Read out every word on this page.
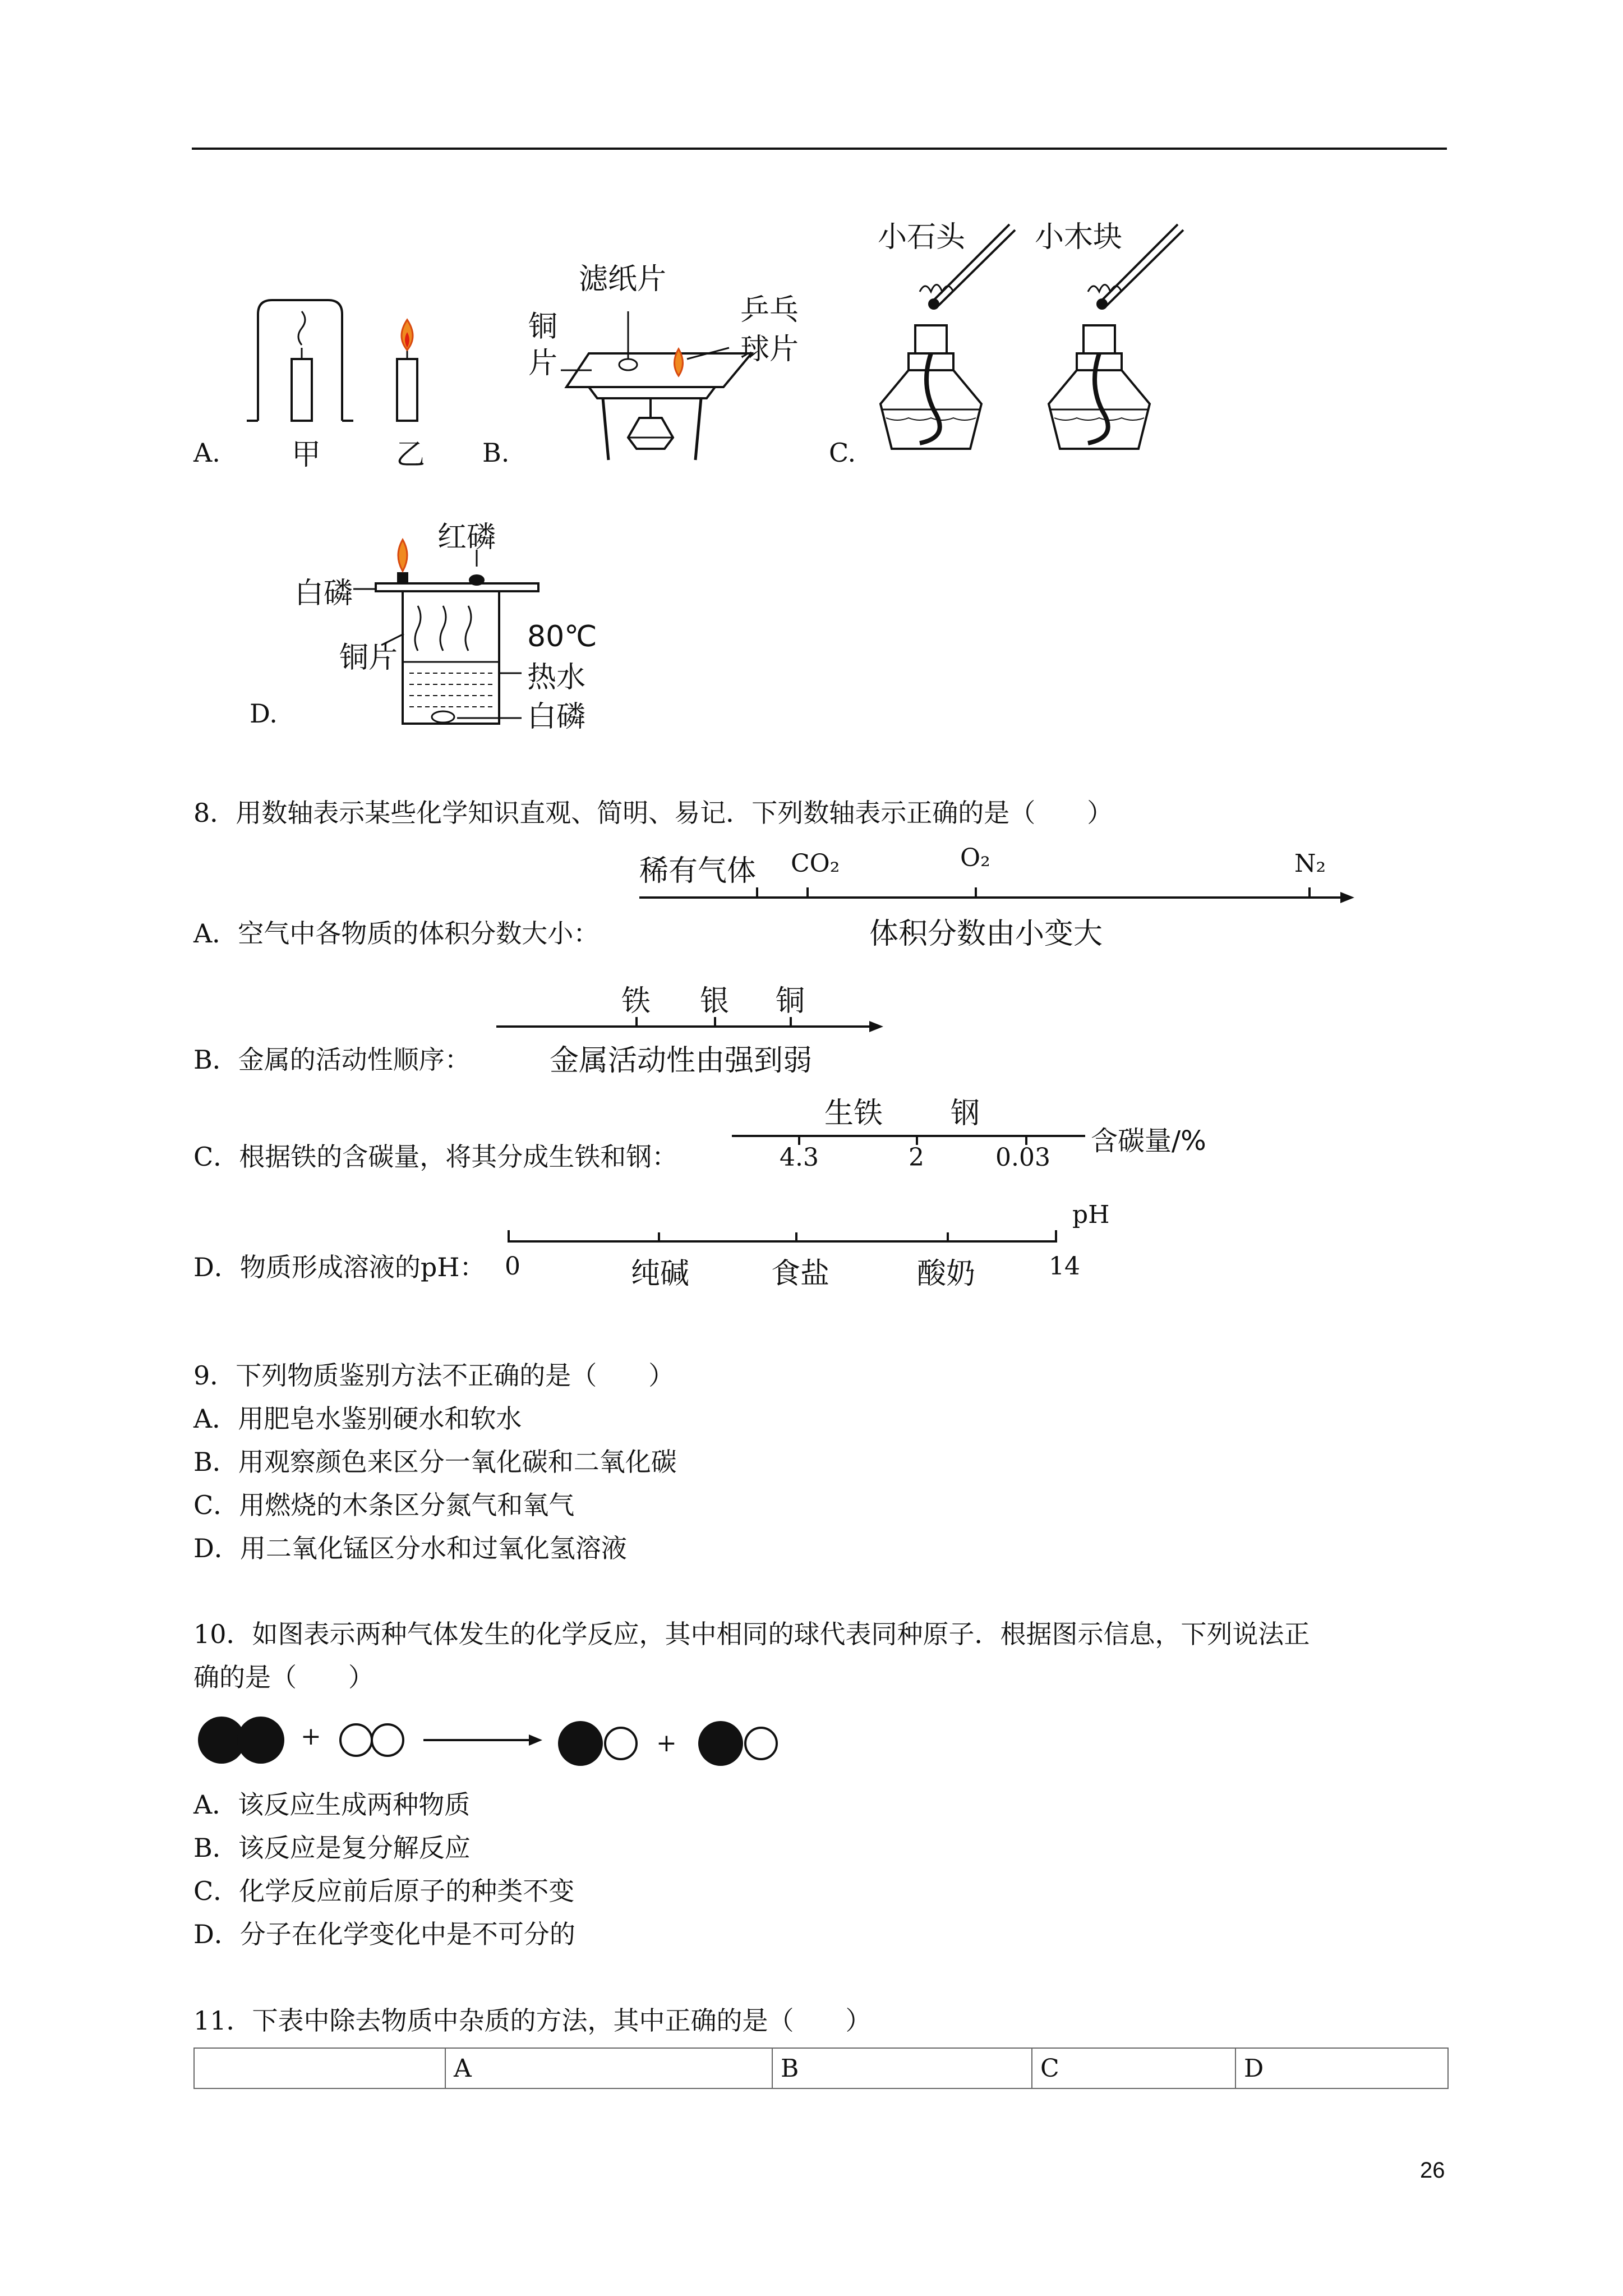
A.	B.	C.
D.
甲	乙
滤纸片
铜
片
乒乓
球片
小石头 小木块
红磷
白磷
铜片
80℃
热水
白磷
8．用数轴表示某些化学知识直观、简明、易记．下列数轴表示正确的是（　　）
A．空气中各物质的体积分数大小：
稀有气体 CO₂	O₂	N₂
体积分数由小变大
B．金属的活动性顺序：
铁 银 铜
金属活动性由强到弱
C．根据铁的含碳量，将其分成生铁和钢：
生铁 钢
4.3	2	0.03
含碳量/%
D．物质形成溶液的pH： 0	纯碱	食盐	酸奶	14
pH
9．下列物质鉴别方法不正确的是（　　）
A．用肥皂水鉴别硬水和软水
B．用观察颜色来区分一氧化碳和二氧化碳
C．用燃烧的木条区分氮气和氧气
D．用二氧化锰区分水和过氧化氢溶液
10．如图表示两种气体发生的化学反应，其中相同的球代表同种原子．根据图示信息，下列说法正
确的是（　　）
+	+
A．该反应生成两种物质
B．该反应是复分解反应
C．化学反应前后原子的种类不变
D．分子在化学变化中是不可分的
11．下表中除去物质中杂质的方法，其中正确的是（　　）
	A	B	C	D
26
